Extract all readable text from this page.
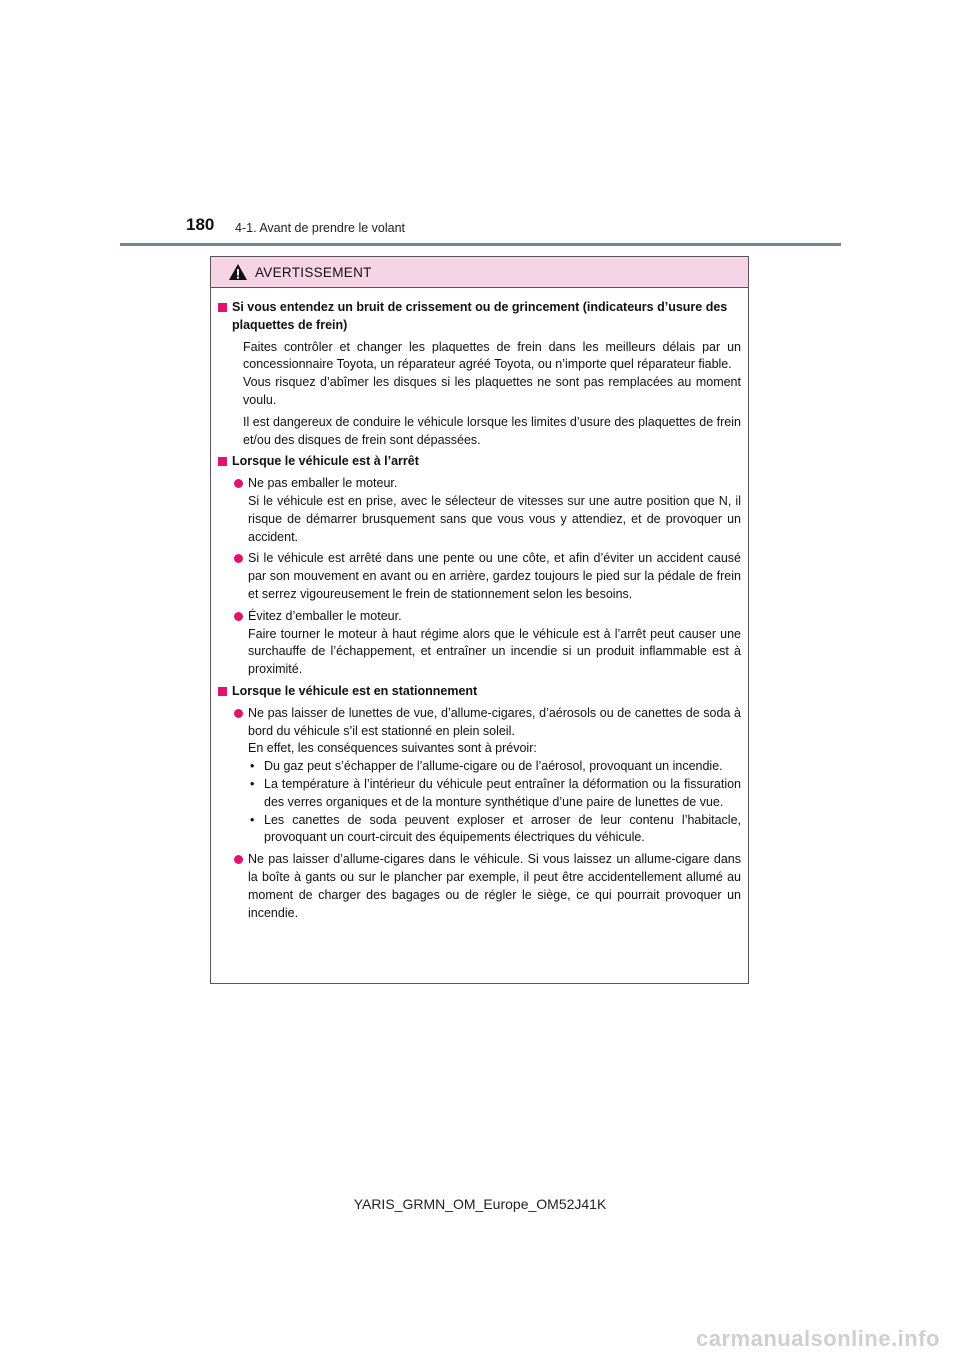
180 4-1. Avant de prendre le volant
AVERTISSEMENT
Si vous entendez un bruit de crissement ou de grincement (indicateurs d’usure des plaquettes de frein)
Faites contrôler et changer les plaquettes de frein dans les meilleurs délais par un concessionnaire Toyota, un réparateur agréé Toyota, ou n’importe quel réparateur fiable.
Vous risquez d’abîmer les disques si les plaquettes ne sont pas remplacées au moment voulu.
Il est dangereux de conduire le véhicule lorsque les limites d’usure des plaquettes de frein et/ou des disques de frein sont dépassées.
Lorsque le véhicule est à l’arrêt
Ne pas emballer le moteur.
Si le véhicule est en prise, avec le sélecteur de vitesses sur une autre position que N, il risque de démarrer brusquement sans que vous vous y attendiez, et de provoquer un accident.
Si le véhicule est arrêté dans une pente ou une côte, et afin d’éviter un accident causé par son mouvement en avant ou en arrière, gardez toujours le pied sur la pédale de frein et serrez vigoureusement le frein de stationnement selon les besoins.
Évitez d’emballer le moteur.
Faire tourner le moteur à haut régime alors que le véhicule est à l’arrêt peut causer une surchauffe de l’échappement, et entraîner un incendie si un produit inflammable est à proximité.
Lorsque le véhicule est en stationnement
Ne pas laisser de lunettes de vue, d’allume-cigares, d’aérosols ou de canettes de soda à bord du véhicule s’il est stationné en plein soleil.
En effet, les conséquences suivantes sont à prévoir:
• Du gaz peut s’échapper de l’allume-cigare ou de l’aérosol, provoquant un incendie.
• La température à l’intérieur du véhicule peut entraîner la déformation ou la fissuration des verres organiques et de la monture synthétique d’une paire de lunettes de vue.
• Les canettes de soda peuvent exploser et arroser de leur contenu l’habitacle, provoquant un court-circuit des équipements électriques du véhicule.
Ne pas laisser d’allume-cigares dans le véhicule. Si vous laissez un allume-cigare dans la boîte à gants ou sur le plancher par exemple, il peut être accidentellement allumé au moment de charger des bagages ou de régler le siège, ce qui pourrait provoquer un incendie.
YARIS_GRMN_OM_Europe_OM52J41K
carmanualsonline.info
